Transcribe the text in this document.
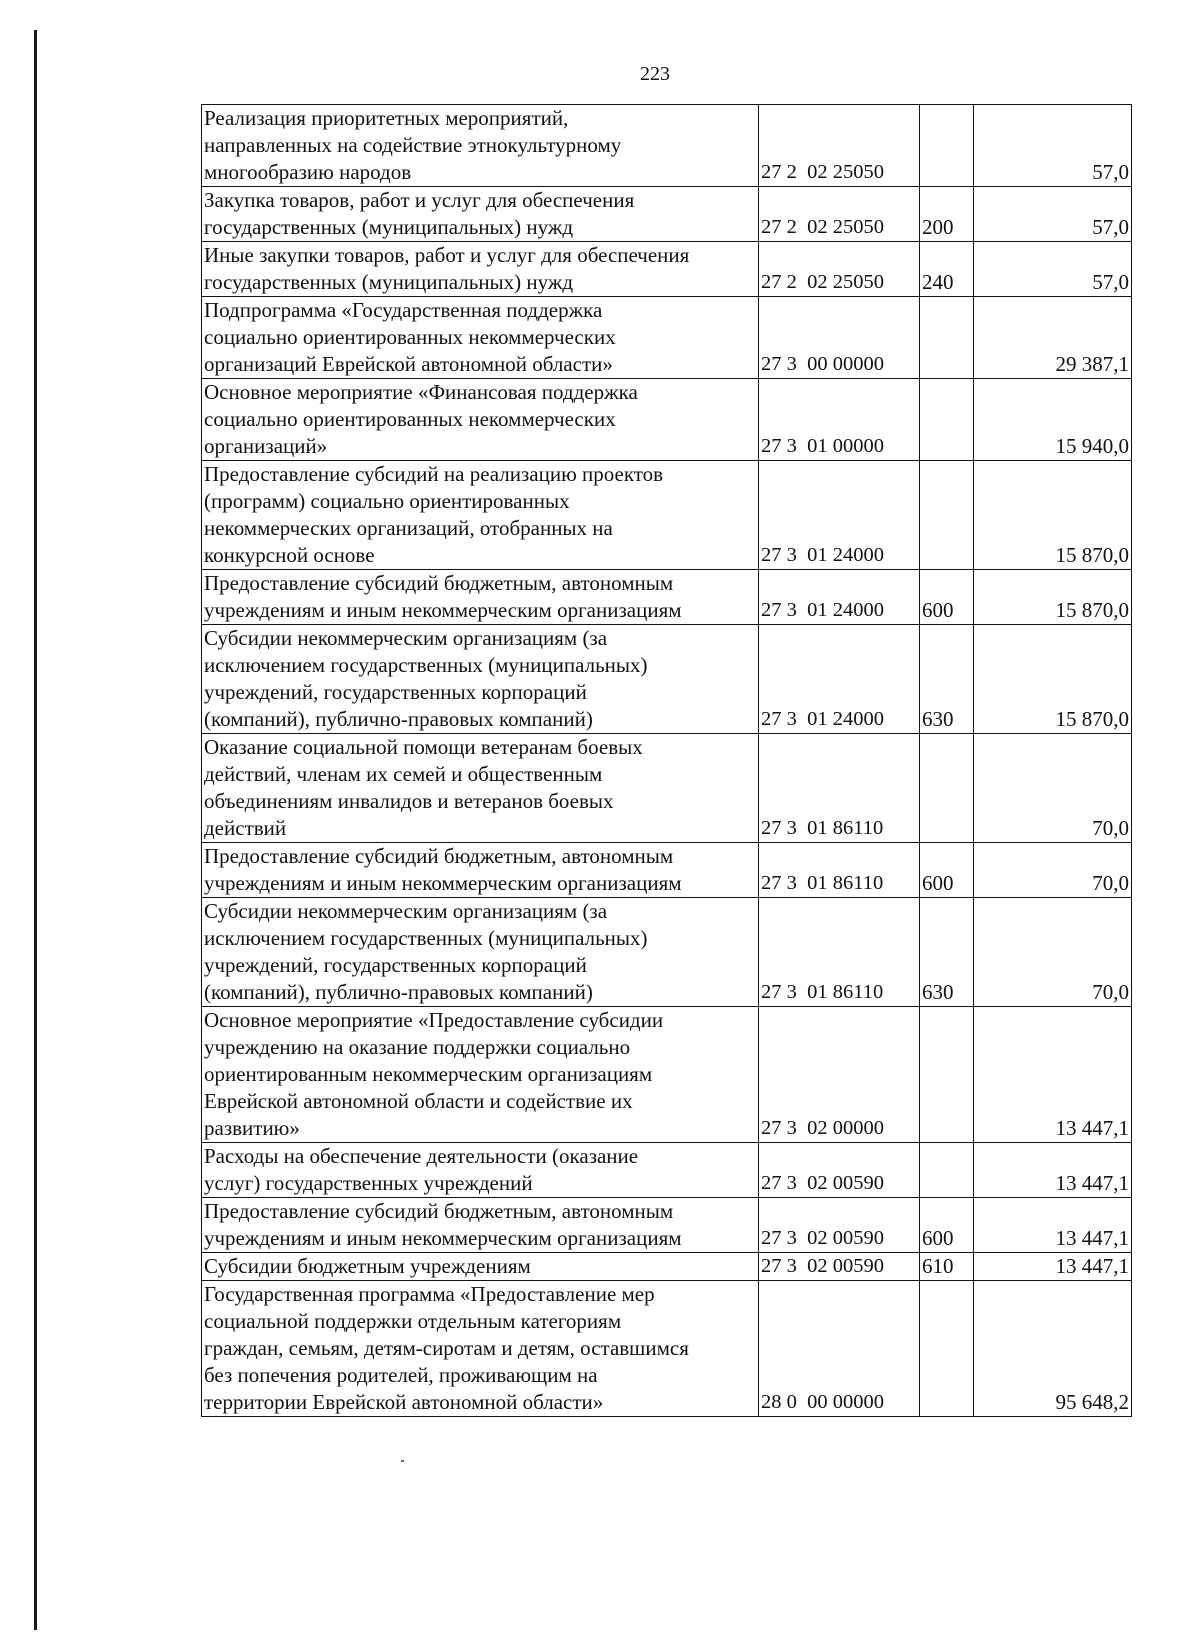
223
Реализация приоритетных мероприятий,
направленных на содействие этнокультурному
многообразию народов	27 2  02 25050		57,0
Закупка товаров, работ и услуг для обеспечения
государственных (муниципальных) нужд	27 2  02 25050	200	57,0
Иные закупки товаров, работ и услуг для обеспечения
государственных (муниципальных) нужд	27 2  02 25050	240	57,0
Подпрограмма «Государственная поддержка
социально ориентированных некоммерческих
организаций Еврейской автономной области»	27 3  00 00000		29 387,1
Основное мероприятие «Финансовая поддержка
социально ориентированных некоммерческих
организаций»	27 3  01 00000		15 940,0
Предоставление субсидий на реализацию проектов
(программ) социально ориентированных
некоммерческих организаций, отобранных на
конкурсной основе	27 3  01 24000		15 870,0
Предоставление субсидий бюджетным, автономным
учреждениям и иным некоммерческим организациям	27 3  01 24000	600	15 870,0
Субсидии некоммерческим организациям (за
исключением государственных (муниципальных)
учреждений, государственных корпораций
(компаний), публично-правовых компаний)	27 3  01 24000	630	15 870,0
Оказание социальной помощи ветеранам боевых
действий, членам их семей и общественным
объединениям инвалидов и ветеранов боевых
действий	27 3  01 86110		70,0
Предоставление субсидий бюджетным, автономным
учреждениям и иным некоммерческим организациям	27 3  01 86110	600	70,0
Субсидии некоммерческим организациям (за
исключением государственных (муниципальных)
учреждений, государственных корпораций
(компаний), публично-правовых компаний)	27 3  01 86110	630	70,0
Основное мероприятие «Предоставление субсидии
учреждению на оказание поддержки социально
ориентированным некоммерческим организациям
Еврейской автономной области и содействие их
развитию»	27 3  02 00000		13 447,1
Расходы на обеспечение деятельности (оказание
услуг) государственных учреждений	27 3  02 00590		13 447,1
Предоставление субсидий бюджетным, автономным
учреждениям и иным некоммерческим организациям	27 3  02 00590	600	13 447,1
Субсидии бюджетным учреждениям	27 3  02 00590	610	13 447,1
Государственная программа «Предоставление мер
социальной поддержки отдельным категориям
граждан, семьям, детям-сиротам и детям, оставшимся
без попечения родителей, проживающим на
территории Еврейской автономной области»	28 0  00 00000		95 648,2
